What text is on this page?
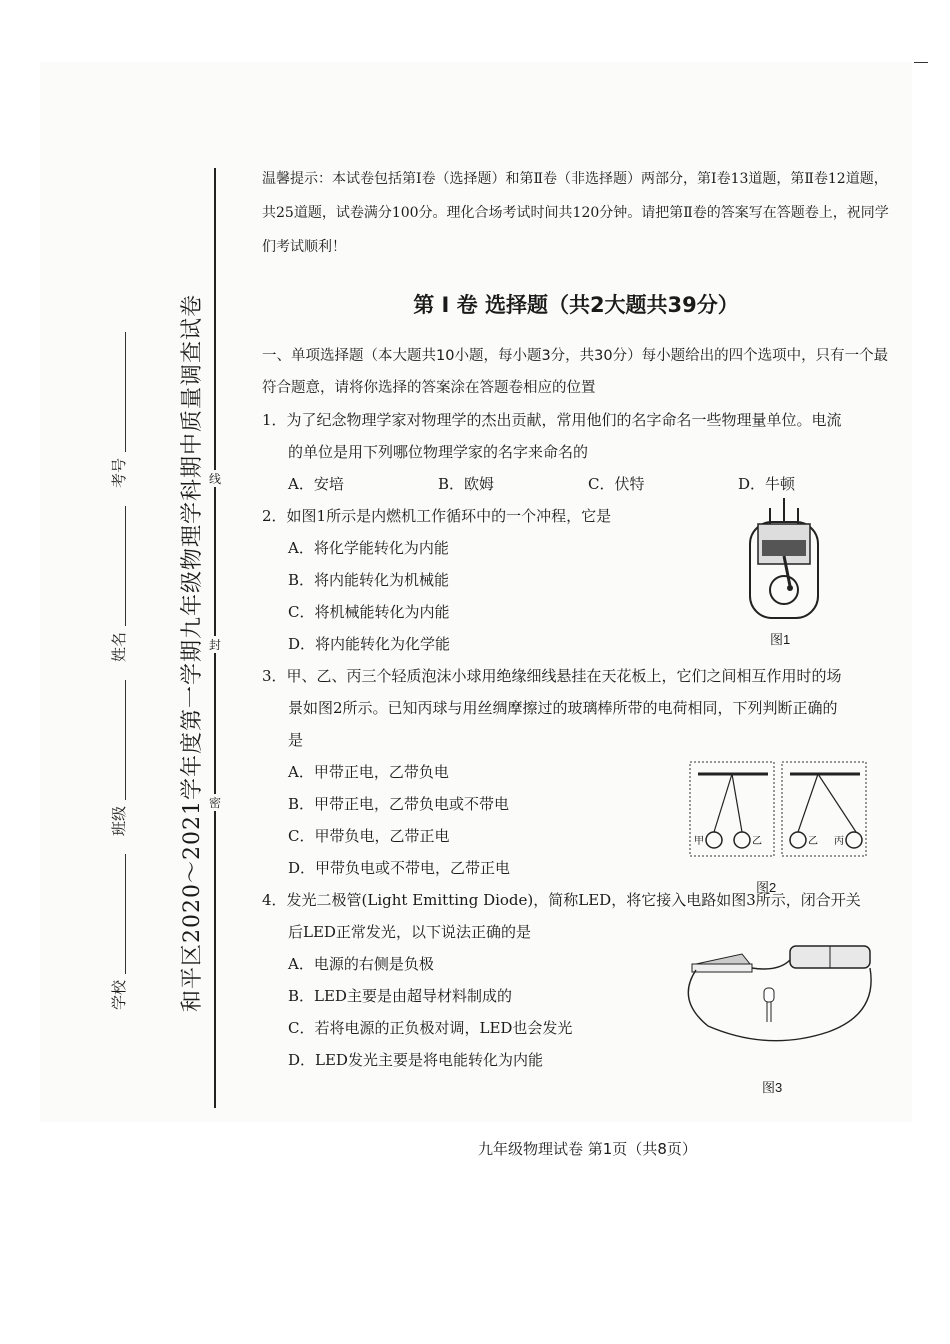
学校
班级
姓名
考号 和平区2020～2021学年度第一学期九年级物理学科期中质量调查试卷 线
封
密
温馨提示：本试卷包括第Ⅰ卷（选择题）和第Ⅱ卷（非选择题）两部分，第Ⅰ卷13道题，第Ⅱ卷12道题，共25道题，试卷满分100分。理化合场考试时间共120分钟。请把第Ⅱ卷的答案写在答题卷上，祝同学们考试顺利！
第 Ⅰ 卷 选择题（共2大题共39分）
一、单项选择题（本大题共10小题，每小题3分，共30分）每小题给出的四个选项中，只有一个最符合题意，请将你选择的答案涂在答题卷相应的位置
1．为了纪念物理学家对物理学的杰出贡献，常用他们的名字命名一些物理量单位。电流
的单位是用下列哪位物理学家的名字来命名的
A．安培	B．欧姆	C．伏特	D．牛顿
2．如图1所示是内燃机工作循环中的一个冲程，它是
A．将化学能转化为内能
B．将内能转化为机械能
C．将机械能转化为内能
D．将内能转化为化学能	图1
3．甲、乙、丙三个轻质泡沫小球用绝缘细线悬挂在天花板上，它们之间相互作用时的场
景如图2所示。已知丙球与用丝绸摩擦过的玻璃棒所带的电荷相同，下列判断正确的
是
A．甲带正电，乙带负电
B．甲带正电，乙带负电或不带电
C．甲带负电，乙带正电
D．甲带负电或不带电，乙带正电
甲	乙	乙 丙
图2
4．发光二极管(Light Emitting Diode)，简称LED，将它接入电路如图3所示，闭合开关
后LED正常发光，以下说法正确的是
A．电源的右侧是负极
B．LED主要是由超导材料制成的
C．若将电源的正负极对调，LED也会发光
D．LED发光主要是将电能转化为内能
图3
九年级物理试卷 第1页（共8页）
